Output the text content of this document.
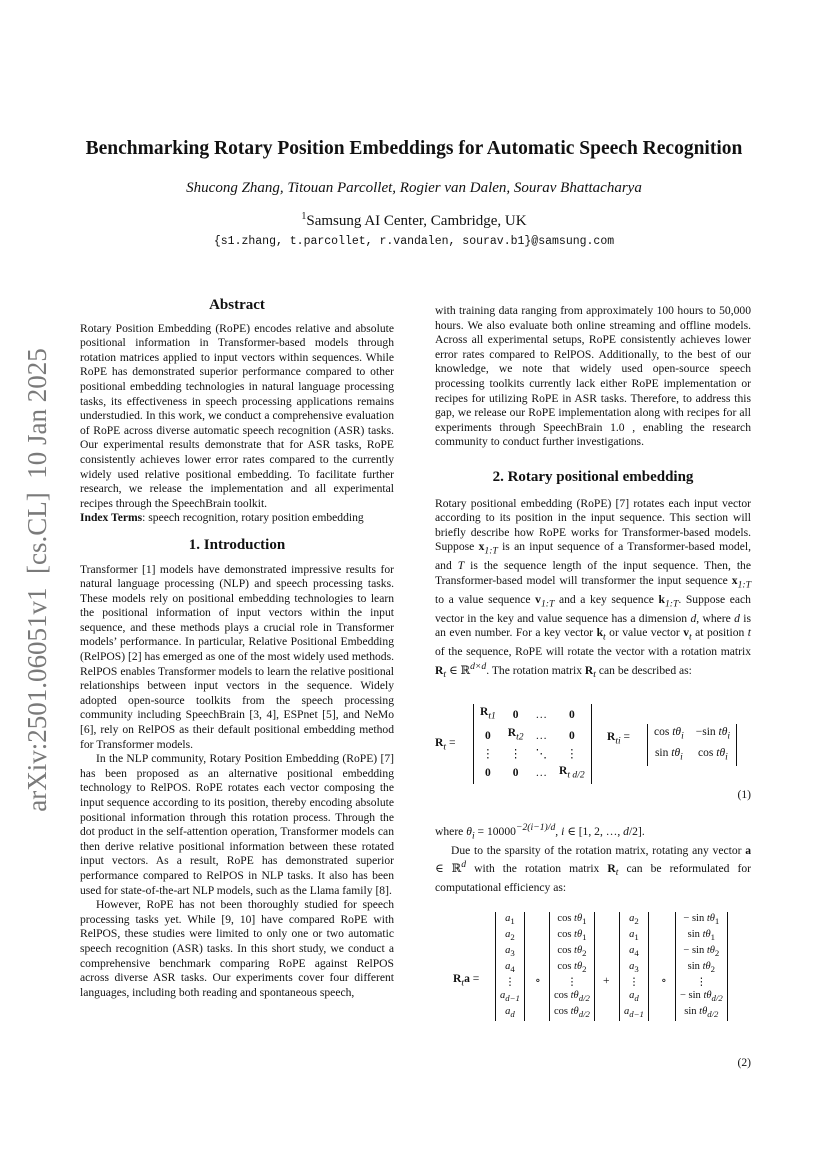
arXiv:2501.06051v1  [cs.CL]  10 Jan 2025
Benchmarking Rotary Position Embeddings for Automatic Speech Recognition
Shucong Zhang, Titouan Parcollet, Rogier van Dalen, Sourav Bhattacharya
$^1$Samsung AI Center, Cambridge, UK
{s1.zhang, t.parcollet, r.vandalen, sourav.b1}@samsung.com
Abstract

Rotary Position Embedding (RoPE) encodes relative and absolute positional information in Transformer-based models through rotation matrices applied to input vectors within sequences. While RoPE has demonstrated superior performance compared to other positional embedding technologies in natural language processing tasks, its effectiveness in speech processing applications remains understudied. In this work, we conduct a comprehensive evaluation of RoPE across diverse automatic speech recognition (ASR) tasks. Our experimental results demonstrate that for ASR tasks, RoPE consistently achieves lower error rates compared to the currently widely used relative positional embedding. To facilitate further research, we release the implementation and all experimental recipes through the SpeechBrain toolkit.

Index Terms: speech recognition, rotary position embedding

1. Introduction

Transformer [1] models have demonstrated impressive results for natural language processing (NLP) and speech processing tasks. These models rely on positional embedding technologies to learn the positional information of input vectors within the input sequence, and these methods plays a crucial role in Transformer models’ performance. In particular, Relative Positional Embedding (RelPOS) [2] has emerged as one of the most widely used methods. RelPOS enables Transformer models to learn the relative positional relationships between input vectors in the sequence. Widely adopted open-source toolkits from the speech processing community including SpeechBrain [3, 4], ESPnet [5], and NeMo [6], rely on RelPOS as their default positional embedding method for Transformer models.

In the NLP community, Rotary Position Embedding (RoPE) [7] has been proposed as an alternative positional embedding technology to RelPOS. RoPE rotates each vector composing the input sequence according to its position, thereby encoding absolute positional information through this rotation process. Through the dot product in the self-attention operation, Transformer models can then derive relative positional information between these rotated input vectors. As a result, RoPE has demonstrated superior performance compared to RelPOS in NLP tasks. It also has been used for state-of-the-art NLP models, such as the Llama family [8].

However, RoPE has not been thoroughly studied for speech processing tasks yet. While [9, 10] have compared RoPE with RelPOS, these studies were limited to only one or two automatic speech recognition (ASR) tasks. In this short study, we conduct a comprehensive benchmark comparing RoPE against RelPOS across diverse ASR tasks. Our experiments cover four different languages, including both reading and spontaneous speech,

with training data ranging from approximately 100 hours to 50,000 hours. We also evaluate both online streaming and offline models. Across all experimental setups, RoPE consistently achieves lower error rates compared to RelPOS. Additionally, to the best of our knowledge, we note that widely used open-source speech processing toolkits currently lack either RoPE implementation or recipes for utilizing RoPE in ASR tasks. Therefore, to address this gap, we release our RoPE implementation along with recipes for all experiments through SpeechBrain 1.0 , enabling the research community to conduct further investigations.

2. Rotary positional embedding

Rotary positional embedding (RoPE) [7] rotates each input vector according to its position in the input sequence. This section will briefly describe how RoPE works for Transformer-based models. Suppose $x_{1:T}$ is an input sequence of a Transformer-based model, and T is the sequence length of the input sequence. Then, the Transformer-based model will transformer the input sequence $x_{1:T}$ to a value sequence $v_{1:T}$ and a key sequence $k_{1:T}$. Suppose each vector in the key and value sequence has a dimension d, where d is an even number. For a key vector $k_t$ or value vector $v_t$ at position t of the sequence, RoPE will rotate the vector with a rotation matrix $R_t$ ∈ ℝ$^{d\times d}$. The rotation matrix $R_t$ can be described as:

$R_t$ =
$R_{t1}$	0	…	0
0	$R_{t2}$	…	0
⋮	⋮	⋱	⋮
0	0	…	$R_{t d/2}$
$R_{ti} = \cos t\theta_i$	−sin $t\theta_i$
$\sin t\theta_i$	$\cos t\theta_i$
(1)

where $\theta_i = 10000^{-2(i-1)/d}$, i ∈ [1, 2, …, d/2].

Due to the sparsity of the rotation matrix, rotating any vector a ∈ ℝ$^d$ with the rotation matrix $R_t$ can be reformulated for computational efficiency as:

$R_ta$ =
$a_1$
$a_2$
$a_3$
$a_4$
⋮
$a_{d-1}$
$a_d$
∘
$\cos t\theta_1$
$\cos t\theta_1$
$\cos t\theta_2$
$\cos t\theta_2$
⋮
$\cos t\theta_{d/2}$
$\cos t\theta_{d/2}$
+
$a_2$
$a_1$
$a_4$
$a_3$
⋮
$a_d$
$a_{d-1}$
∘
− $\sin t\theta_1$
$\sin t\theta_1$
− $\sin t\theta_2$
$\sin t\theta_2$
⋮
− $\sin t\theta_{d/2}$
$\sin t\theta_{d/2}$
(2)
